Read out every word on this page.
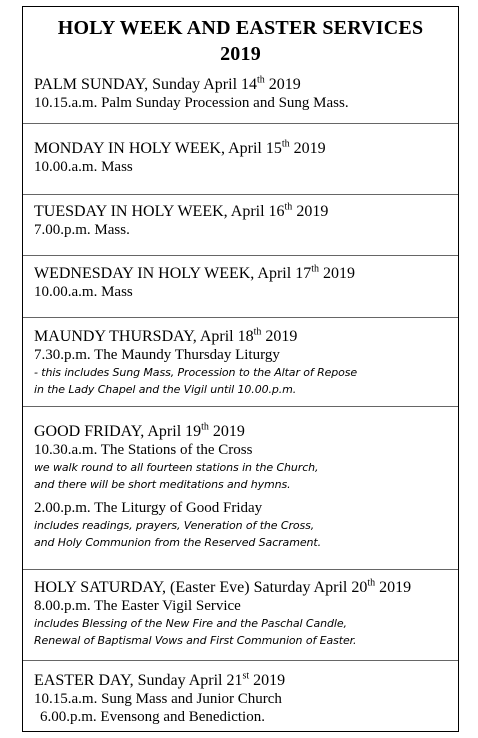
HOLY WEEK AND EASTER SERVICES
2019
PALM SUNDAY, Sunday April 14th 2019
10.15.a.m. Palm Sunday Procession and Sung Mass.
MONDAY IN HOLY WEEK, April 15th 2019
10.00.a.m. Mass
TUESDAY IN HOLY WEEK, April 16th 2019
7.00.p.m. Mass.
WEDNESDAY IN HOLY WEEK, April 17th 2019
10.00.a.m. Mass
MAUNDY THURSDAY, April 18th 2019
7.30.p.m. The Maundy Thursday Liturgy
- this includes Sung Mass, Procession to the Altar of Repose
in the Lady Chapel and the Vigil until 10.00.p.m.
GOOD FRIDAY, April 19th 2019
10.30.a.m. The Stations of the Cross
we walk round to all fourteen stations in the Church,
and there will be short meditations and hymns.
2.00.p.m. The Liturgy of Good Friday
includes readings, prayers, Veneration of the Cross,
and Holy Communion from the Reserved Sacrament.
HOLY SATURDAY, (Easter Eve) Saturday April 20th 2019
8.00.p.m. The Easter Vigil Service
includes Blessing of the New Fire and the Paschal Candle,
Renewal of Baptismal Vows and First Communion of Easter.
EASTER DAY, Sunday April 21st 2019
10.15.a.m. Sung Mass and Junior Church
6.00.p.m. Evensong and Benediction.
